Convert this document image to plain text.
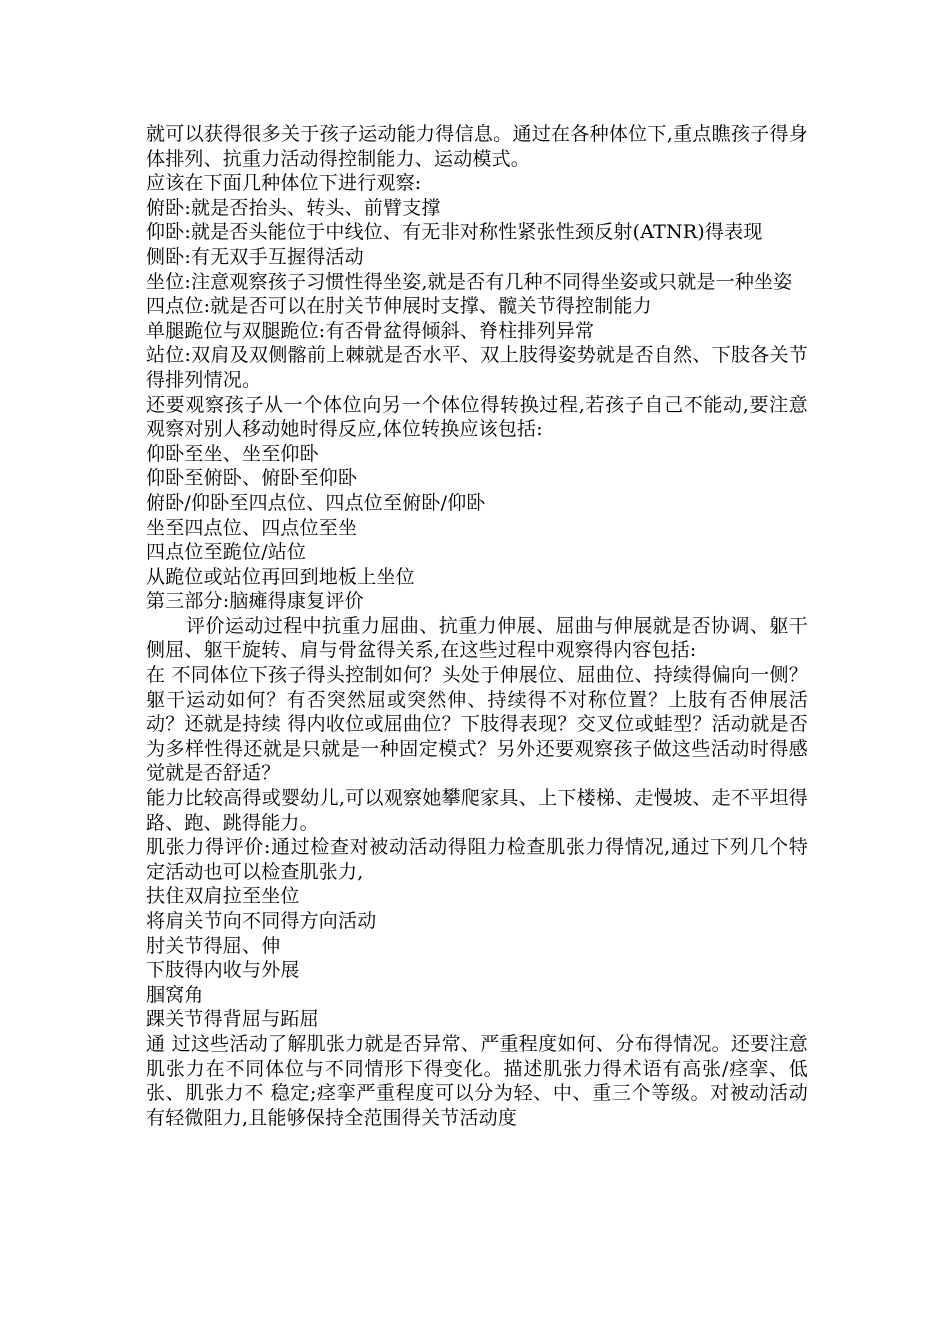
就可以获得很多关于孩子运动能力得信息。通过在各种体位下,重点瞧孩子得身体排列、抗重力活动得控制能力、运动模式。

应该在下面几种体位下进行观察:

俯卧:就是否抬头、转头、前臂支撑

仰卧:就是否头能位于中线位、有无非对称性紧张性颈反射(ATNR)得表现

侧卧:有无双手互握得活动

坐位:注意观察孩子习惯性得坐姿,就是否有几种不同得坐姿或只就是一种坐姿

四点位:就是否可以在肘关节伸展时支撑、髋关节得控制能力

单腿跪位与双腿跪位:有否骨盆得倾斜、脊柱排列异常

站位:双肩及双侧髂前上棘就是否水平、双上肢得姿势就是否自然、下肢各关节得排列情况。

还要观察孩子从一个体位向另一个体位得转换过程,若孩子自己不能动,要注意观察对别人移动她时得反应,体位转换应该包括:

仰卧至坐、坐至仰卧

仰卧至俯卧、俯卧至仰卧

俯卧/仰卧至四点位、四点位至俯卧/仰卧

坐至四点位、四点位至坐

四点位至跪位/站位

从跪位或站位再回到地板上坐位

第三部分:脑瘫得康复评价

评价运动过程中抗重力屈曲、抗重力伸展、屈曲与伸展就是否协调、躯干侧屈、躯干旋转、肩与骨盆得关系,在这些过程中观察得内容包括:

在 不同体位下孩子得头控制如何？头处于伸展位、屈曲位、持续得偏向一侧？躯干运动如何？有否突然屈或突然伸、持续得不对称位置？上肢有否伸展活动？还就是持续 得内收位或屈曲位？下肢得表现？交叉位或蛙型？活动就是否为多样性得还就是只就是一种固定模式？另外还要观察孩子做这些活动时得感觉就是否舒适？

能力比较高得或婴幼儿,可以观察她攀爬家具、上下楼梯、走慢坡、走不平坦得路、跑、跳得能力。

肌张力得评价:通过检查对被动活动得阻力检查肌张力得情况,通过下列几个特定活动也可以检查肌张力,

扶住双肩拉至坐位

将肩关节向不同得方向活动

肘关节得屈、伸

下肢得内收与外展

腘窝角

踝关节得背屈与跖屈

通 过这些活动了解肌张力就是否异常、严重程度如何、分布得情况。还要注意肌张力在不同体位与不同情形下得变化。描述肌张力得术语有高张/痉挛、低张、肌张力不 稳定;痉挛严重程度可以分为轻、中、重三个等级。对被动活动有轻微阻力,且能够保持全范围得关节活动度
